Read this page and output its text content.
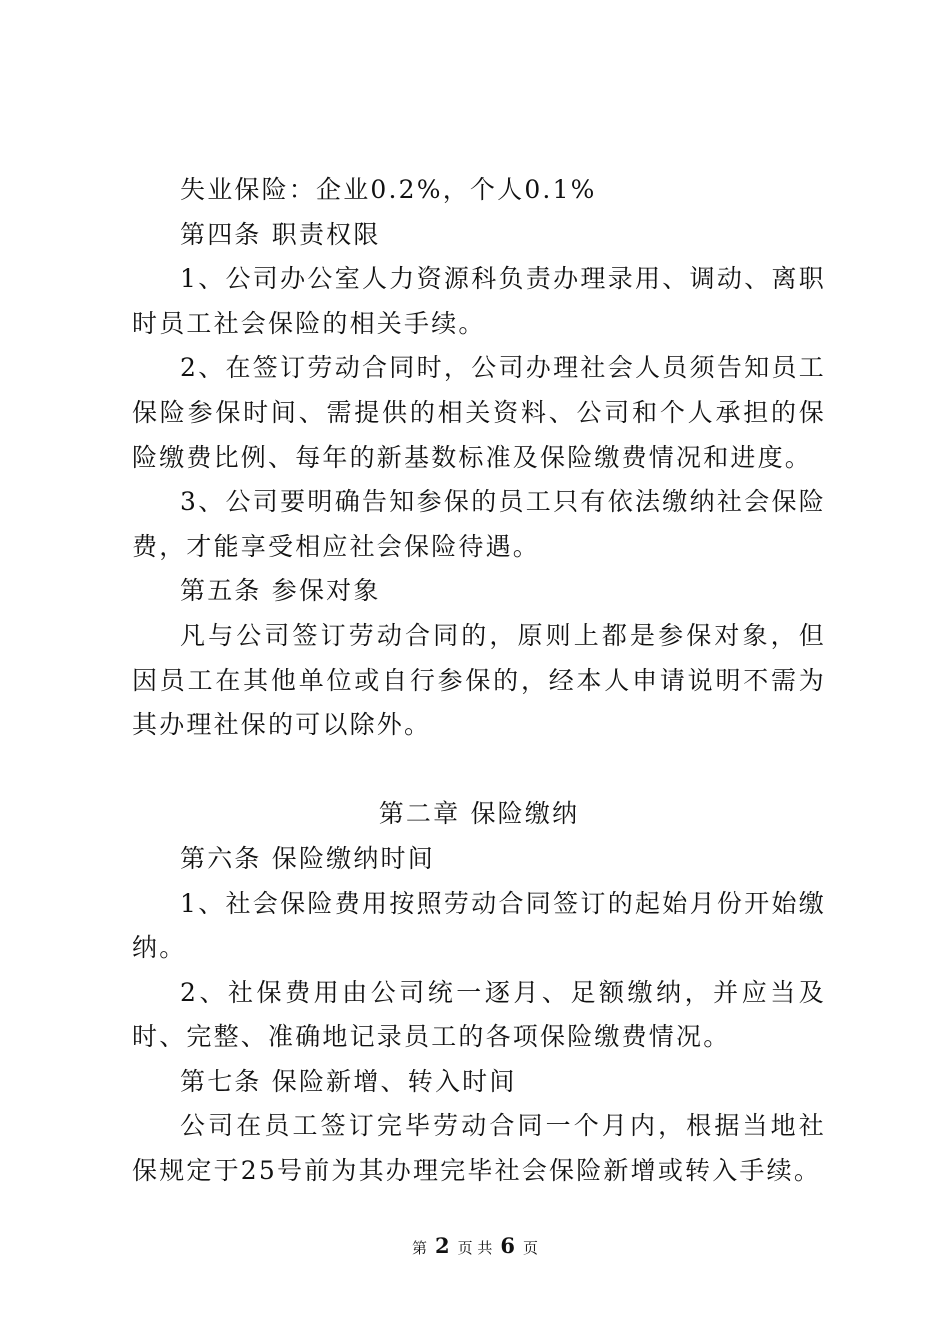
失业保险：企业0.2%，个人0.1%

第四条 职责权限

1、公司办公室人力资源科负责办理录用、调动、离职时员工社会保险的相关手续。

2、在签订劳动合同时，公司办理社会人员须告知员工保险参保时间、需提供的相关资料、公司和个人承担的保险缴费比例、每年的新基数标准及保险缴费情况和进度。

3、公司要明确告知参保的员工只有依法缴纳社会保险费，才能享受相应社会保险待遇。

第五条 参保对象

凡与公司签订劳动合同的，原则上都是参保对象，但因员工在其他单位或自行参保的，经本人申请说明不需为其办理社保的可以除外。

第二章 保险缴纳

第六条 保险缴纳时间

1、社会保险费用按照劳动合同签订的起始月份开始缴纳。

2、社保费用由公司统一逐月、足额缴纳，并应当及时、完整、准确地记录员工的各项保险缴费情况。

第七条 保险新增、转入时间

公司在员工签订完毕劳动合同一个月内，根据当地社保规定于25号前为其办理完毕社会保险新增或转入手续。

第 2 页 共 6 页
